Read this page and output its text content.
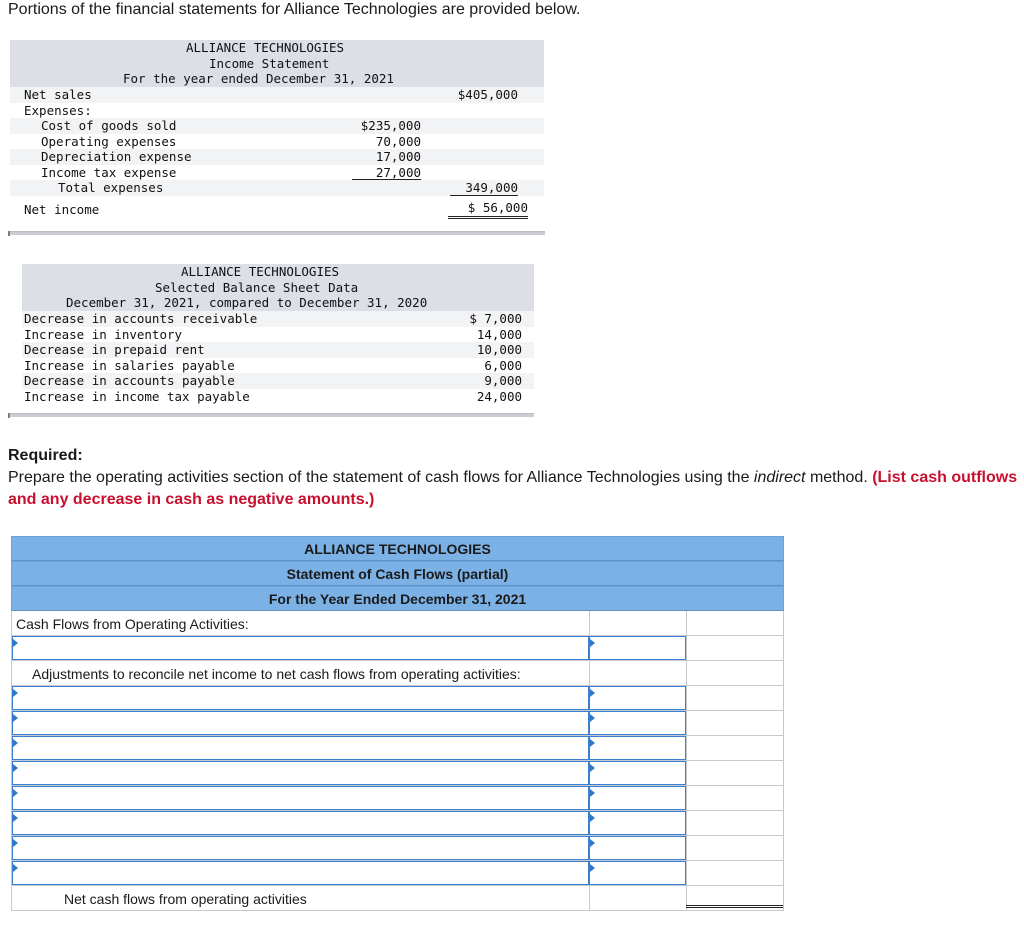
Portions of the financial statements for Alliance Technologies are provided below.
ALLIANCE TECHNOLOGIES
Income Statement
For the year ended December 31, 2021
Net sales	$405,000
Expenses:
Cost of goods sold	$235,000
Operating expenses	70,000
Depreciation expense	17,000
Income tax expense	27,000
Total expenses	349,000
Net income	$ 56,000
ALLIANCE TECHNOLOGIES
Selected Balance Sheet Data
December 31, 2021, compared to December 31, 2020
Decrease in accounts receivable	$ 7,000
Increase in inventory	14,000
Decrease in prepaid rent	10,000
Increase in salaries payable	6,000
Decrease in accounts payable	9,000
Increase in income tax payable	24,000
Required:
Prepare the operating activities section of the statement of cash flows for Alliance Technologies using the indirect method. (List cash outflows and any decrease in cash as negative amounts.)
ALLIANCE TECHNOLOGIES
Statement of Cash Flows (partial)
For the Year Ended December 31, 2021
Cash Flows from Operating Activities:
Adjustments to reconcile net income to net cash flows from operating activities:
Net cash flows from operating activities
